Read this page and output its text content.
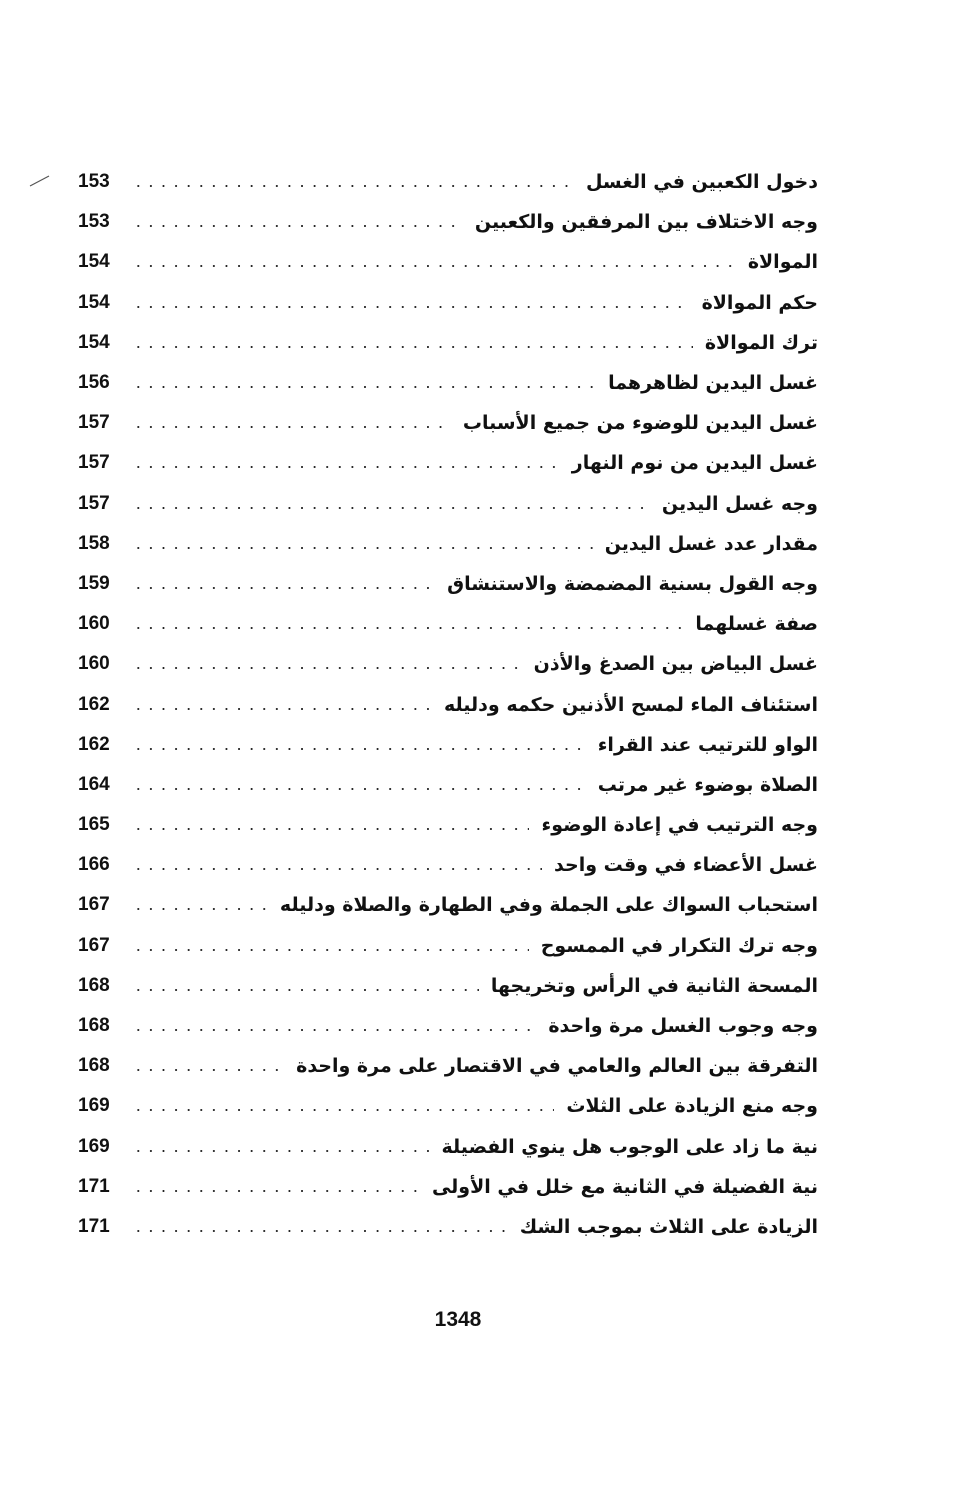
دخول الكعبين في الغسل
153
وجه الاختلاف بين المرفقين والكعبين
153
الموالاة
154
حكم الموالاة
154
ترك الموالاة
154
غسل اليدين لظاهرهما
156
غسل اليدين للوضوء من جميع الأسباب
157
غسل اليدين من نوم النهار
157
وجه غسل اليدين
157
مقدار عدد غسل اليدين
158
وجه القول بسنية المضمضة والاستنشاق
159
صفة غسلهما
160
غسل البياض بين الصدغ والأذن
160
استئناف الماء لمسح الأذنين حكمه ودليله
162
الواو للترتيب عند القراء
162
الصلاة بوضوء غير مرتب
164
وجه الترتيب في إعادة الوضوء
165
غسل الأعضاء في وقت واحد
166
استحباب السواك على الجملة وفي الطهارة والصلاة ودليله
167
وجه ترك التكرار في الممسوح
167
المسحة الثانية في الرأس وتخريجها
168
وجه وجوب الغسل مرة واحدة
168
التفرقة بين العالم والعامي في الاقتصار على مرة واحدة
168
وجه منع الزيادة على الثلاث
169
نية ما زاد على الوجوب هل ينوي الفضيلة
169
نية الفضيلة في الثانية مع خلل في الأولى
171
الزيادة على الثلاث بموجب الشك
171
1348
